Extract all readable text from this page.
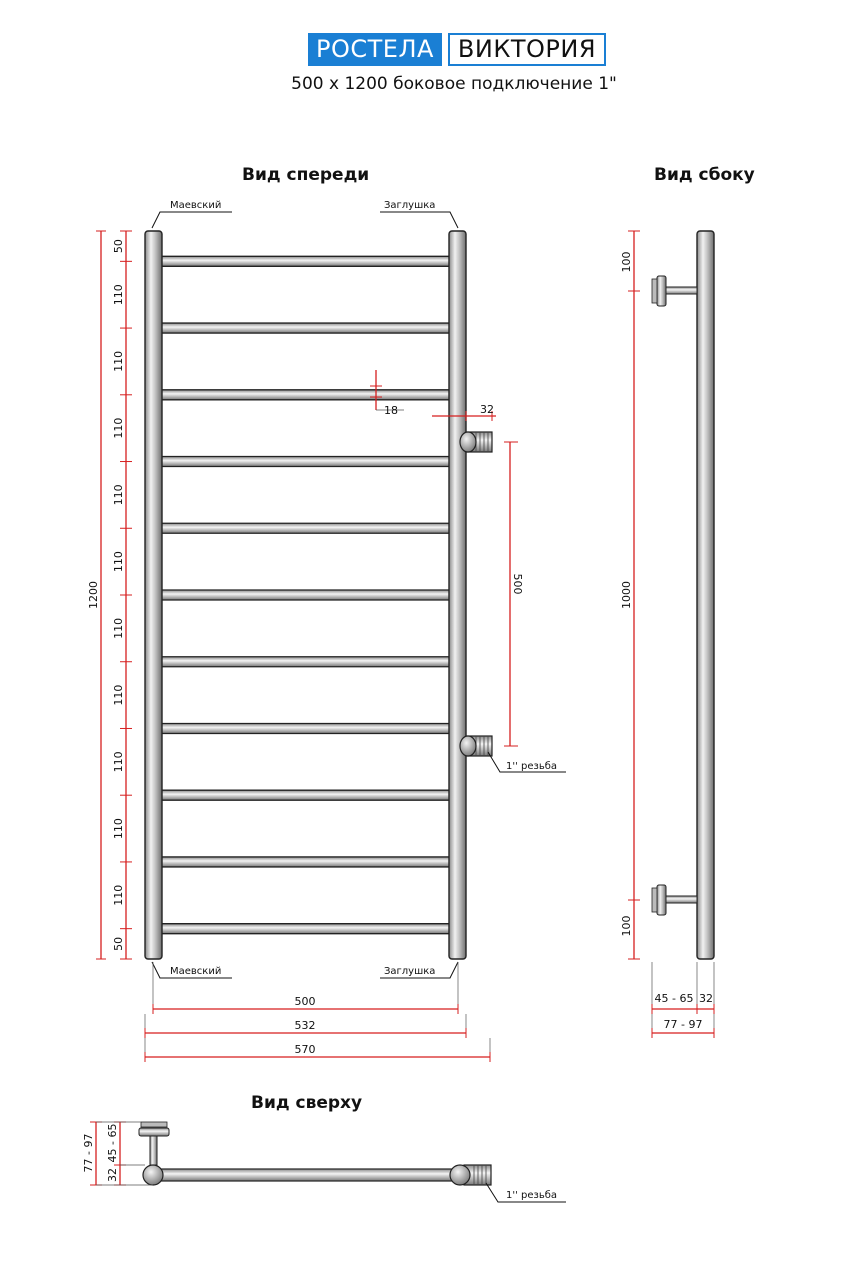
РОСТЕЛА	ВИКТОРИЯ
500 x 1200 боковое подключение 1"
Вид спереди	Вид сбоку
Вид сверху
Маевский	Заглушка
Маевский	Заглушка
1'' резьба
1200
50
110
110
110
110
110
110
110
110
110
110
50
18	32
500
500
532
570
100
1000
100
45 - 65 32
77 - 97
1'' резьба
77 - 97 45 - 65
32
